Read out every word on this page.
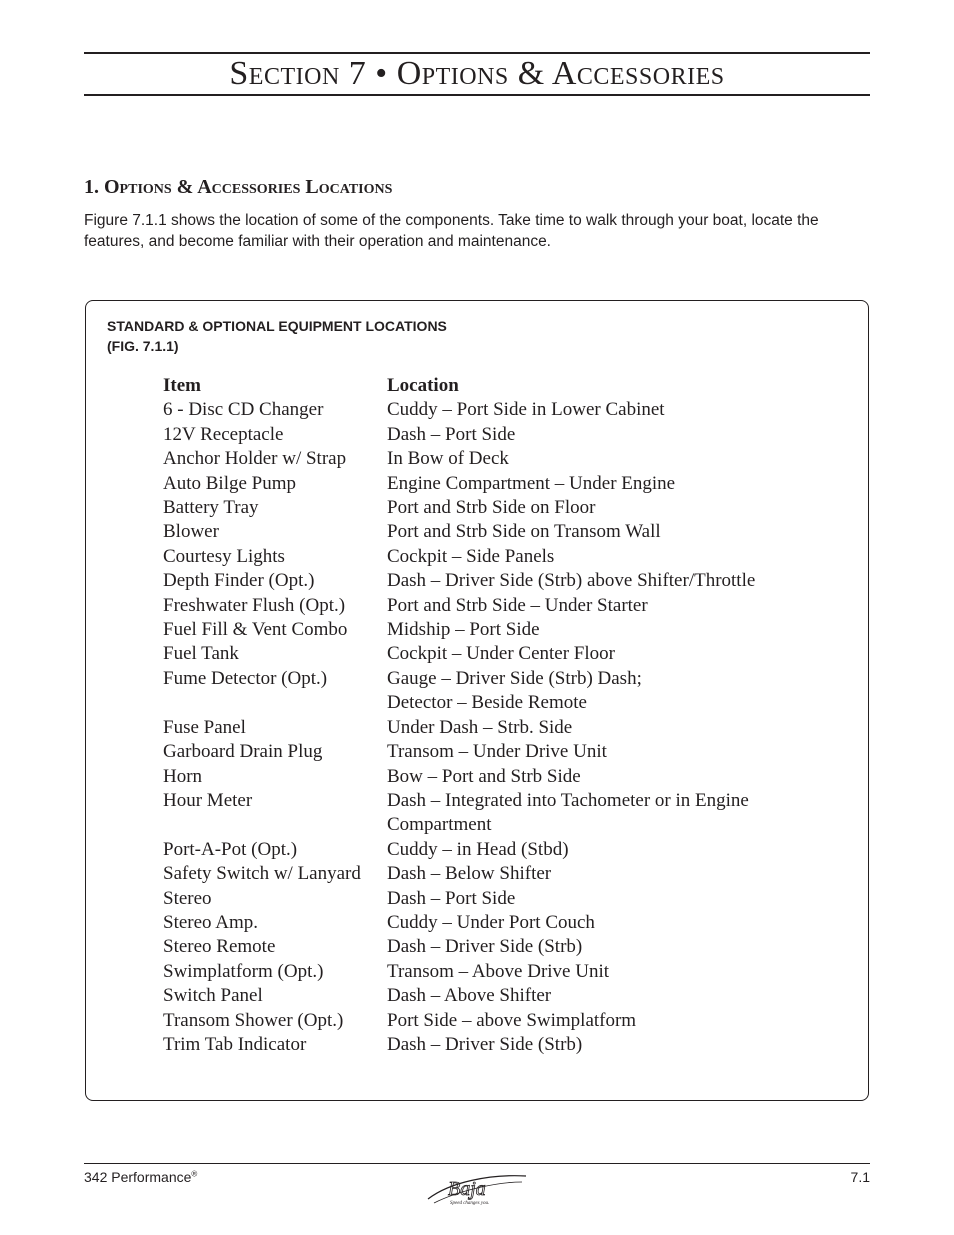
Section 7 • Options & Accessories
1. Options & Accessories Locations

Figure 7.1.1 shows the location of some of the components. Take time to walk through your boat, locate the features, and become familiar with their operation and maintenance.

STANDARD & OPTIONAL EQUIPMENT LOCATIONS
(FIG. 7.1.1)

Item	Location
6 - Disc CD Changer	Cuddy – Port Side in Lower Cabinet
12V Receptacle	Dash – Port Side
Anchor Holder w/ Strap	In Bow of Deck
Auto Bilge Pump	Engine Compartment – Under Engine
Battery Tray	Port and Strb Side on Floor
Blower	Port and Strb Side on Transom Wall
Courtesy Lights	Cockpit – Side Panels
Depth Finder (Opt.)	Dash – Driver Side (Strb) above Shifter/Throttle
Freshwater Flush (Opt.)	Port and Strb Side – Under Starter
Fuel Fill & Vent Combo	Midship – Port Side
Fuel Tank	Cockpit – Under Center Floor
Fume Detector (Opt.)	Gauge – Driver Side (Strb) Dash;
	Detector – Beside Remote
Fuse Panel	Under Dash – Strb. Side
Garboard Drain Plug	Transom – Under Drive Unit
Horn	Bow – Port and Strb Side
Hour Meter	Dash – Integrated into Tachometer or in Engine
	Compartment
Port-A-Pot (Opt.)	Cuddy – in Head (Stbd)
Safety Switch w/ Lanyard	Dash – Below Shifter
Stereo	Dash – Port Side
Stereo Amp.	Cuddy – Under Port Couch
Stereo Remote	Dash – Driver Side (Strb)
Swimplatform (Opt.)	Transom – Above Drive Unit
Switch Panel	Dash – Above Shifter
Transom Shower (Opt.)	Port Side – above Swimplatform
Trim Tab Indicator	Dash – Driver Side (Strb)
342 Performance®
Baja
Speed changes you.
7.1
